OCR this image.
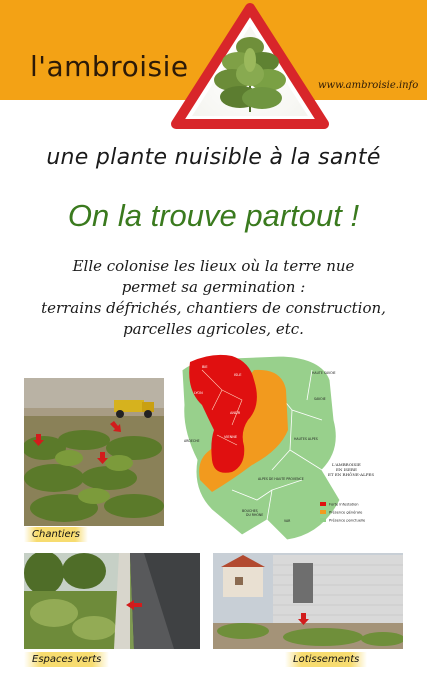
l'ambroisie
www.ambroisie.info
une plante nuisible à la santé
On la trouve partout !
Elle colonise les lieux où la terre nue
permet sa germination :
terrains défrichés, chantiers de construction,
parcelles agricoles, etc.
Chantiers
BIE
ISLE
LYON
ANDR
VIENNE
HAUTE SAVOIE
SAVOIE
ARDECHE	HAUTES ALPES
ALPES DE HAUTE PROVENCE
BOUCHES
DU RHÔNE
VAR
L'AMBROISIE
EN ISERE
ET EN RHÔNE-ALPES
Forte Infestation
Présence générale
Présence ponctuelle
Espaces verts	Lotissements
